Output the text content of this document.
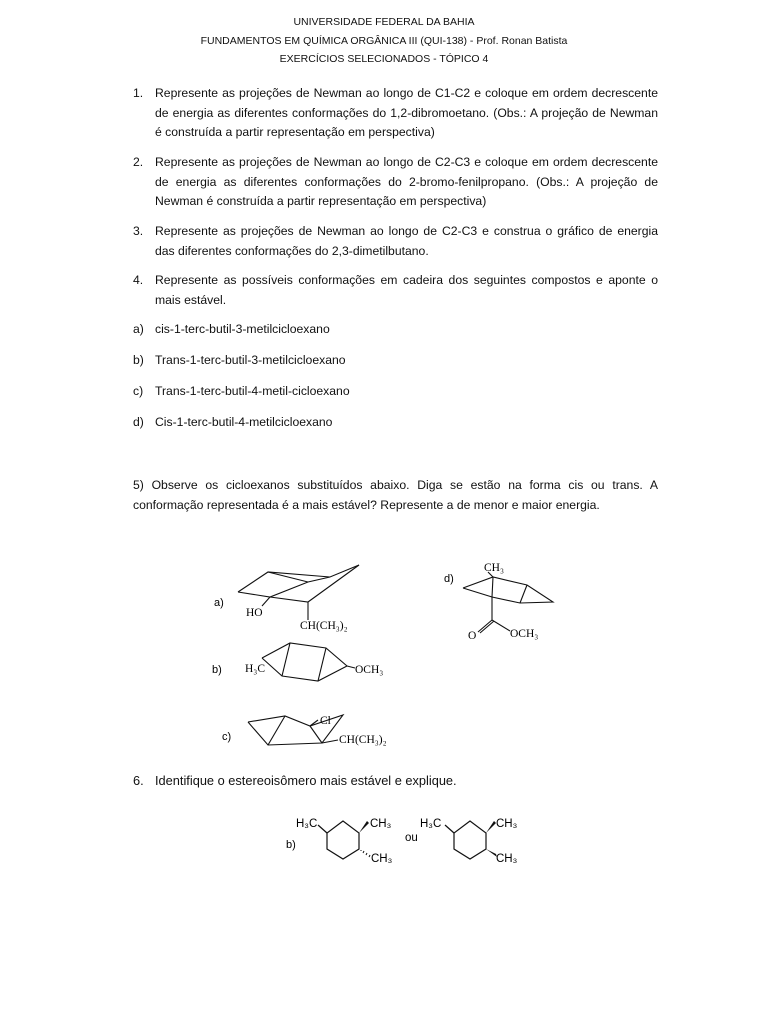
UNIVERSIDADE FEDERAL DA BAHIA
FUNDAMENTOS EM QUÍMICA ORGÂNICA III (QUI-138) - Prof. Ronan Batista
EXERCÍCIOS SELECIONADOS - TÓPICO 4
1. Represente as projeções de Newman ao longo de C1-C2 e coloque em ordem decrescente de energia as diferentes conformações do 1,2-dibromoetano. (Obs.: A projeção de Newman é construída a partir representação em perspectiva)
2. Represente as projeções de Newman ao longo de C2-C3 e coloque em ordem decrescente de energia as diferentes conformações do 2-bromo-fenilpropano. (Obs.: A projeção de Newman é construída a partir representação em perspectiva)
3. Represente as projeções de Newman ao longo de C2-C3 e construa o gráfico de energia das diferentes conformações do 2,3-dimetilbutano.
4. Represente as possíveis conformações em cadeira dos seguintes compostos e aponte o mais estável.
a) cis-1-terc-butil-3-metilcicloexano
b) Trans-1-terc-butil-3-metilcicloexano
c) Trans-1-terc-butil-4-metil-cicloexano
d) Cis-1-terc-butil-4-metilcicloexano
5) Observe os cicloexanos substituídos abaixo. Diga se estão na forma cis ou trans. A conformação representada é a mais estável? Represente a de menor e maior energia.
a)
HO
CH(CH₃)₂
b) H₃C	OCH₃
c)
Cl
CH(CH₃)₂
d)
CH₃
O	OCH₃
6. Identifique o estereoisômero mais estável e explique.
b)
H₃C	CH₃
CH₃
ou
H₃C	CH₃
CH₃
